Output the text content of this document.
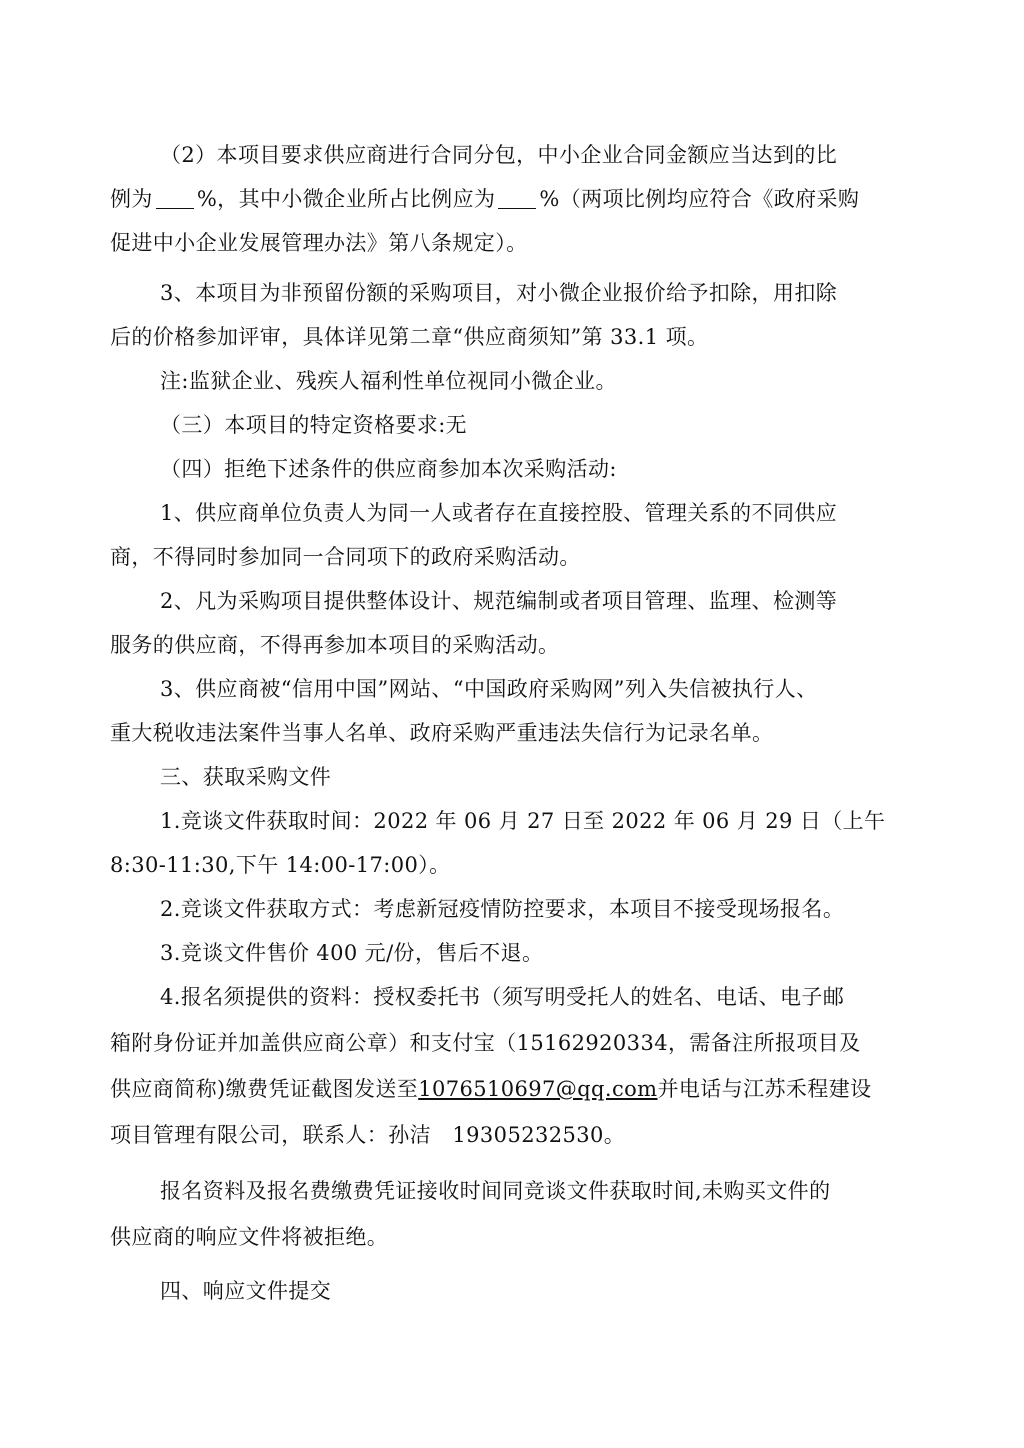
（2）本项目要求供应商进行合同分包，中小企业合同金额应当达到的比
例为 %，其中小微企业所占比例应为 %（两项比例均应符合《政府采购
促进中小企业发展管理办法》第八条规定）。
3、本项目为非预留份额的采购项目，对小微企业报价给予扣除，用扣除
后的价格参加评审，具体详见第二章“供应商须知”第 33.1 项。
注:监狱企业、残疾人福利性单位视同小微企业。
（三）本项目的特定资格要求:无
（四）拒绝下述条件的供应商参加本次采购活动:
1、供应商单位负责人为同一人或者存在直接控股、管理关系的不同供应
商，不得同时参加同一合同项下的政府采购活动。
2、凡为采购项目提供整体设计、规范编制或者项目管理、监理、检测等
服务的供应商，不得再参加本项目的采购活动。
3、供应商被“信用中国”网站、“中国政府采购网”列入失信被执行人、
重大税收违法案件当事人名单、政府采购严重违法失信行为记录名单。
三、获取采购文件
1.竞谈文件获取时间：2022 年 06 月 27 日至 2022 年 06 月 29 日（上午
8:30-11:30,下午 14:00-17:00）。
2.竞谈文件获取方式：考虑新冠疫情防控要求，本项目不接受现场报名。
3.竞谈文件售价 400 元/份，售后不退。
4.报名须提供的资料：授权委托书（须写明受托人的姓名、电话、电子邮
箱附身份证并加盖供应商公章）和支付宝（15162920334，需备注所报项目及
供应商简称)缴费凭证截图发送至1076510697@qq.com并电话与江苏禾程建设
项目管理有限公司，联系人：孙洁　19305232530。
报名资料及报名费缴费凭证接收时间同竞谈文件获取时间,未购买文件的
供应商的响应文件将被拒绝。
四、响应文件提交
